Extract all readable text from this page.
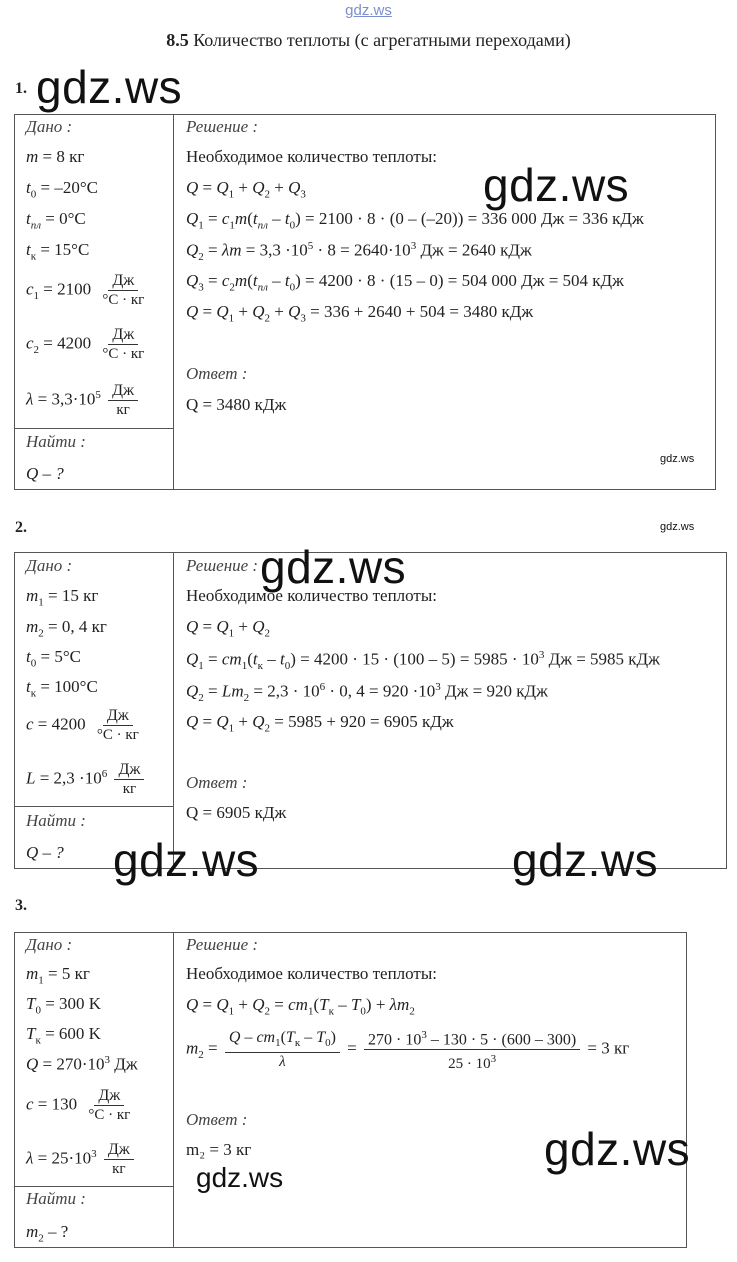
gdz.ws
8.5 Количество теплоты (с агрегатными переходами)
1. gdz.ws
Дано :
m = 8 кг
$t_0 = -20^\circ C$
$t_{пл} = 0^\circ C$
$t_к = 15^\circ C$
$c_1 = 2100 \frac{Дж}{^\circ C \cdot кг}$
$c_2 = 4200 \frac{Дж}{^\circ C \cdot кг}$
$\lambda = 3,3\cdot 10^5 \frac{Дж}{кг}$
Найти :
Q – ?
Решение :
Необходимое количество теплоты:
$Q = Q_1 + Q_2 + Q_3$
$Q_1 = c_1m(t_{пл} - t_0) = 2100 \cdot 8 \cdot (0 - (-20)) = 336$ 000 Дж = 336 кДж
$Q_2 = \lambda m = 3,3 \cdot 10^5 \cdot 8 = 2640\cdot 10^3$ Дж = 2640 кДж
$Q_3 = c_2m(t_{пл} - t_0) = 4200 \cdot 8 \cdot (15 - 0) = 504$ 000 Дж = 504 кДж
$Q = Q_1 + Q_2 + Q_3 = 336 + 2640 + 504 = 3480$ кДж
Ответ :
Q = 3480 кДж
gdz.ws
gdz.ws
2.	gdz.ws
Дано :
$m_1 = 15$ кг
$m_2 = 0$, 4 кг
$t_0 = 5^\circ C$
$t_к = 100^\circ C$
$c = 4200 \frac{Дж}{^\circ C \cdot кг}$
$L = 2,3 \cdot 10^6 \frac{Дж}{кг}$
Найти :
Q – ?
Решение :
Необходимое количество теплоты:
$Q = Q_1 + Q_2$
$Q_1 = cm_1(t_к - t_0) = 4200 \cdot 15 \cdot (100 - 5) = 5985 \cdot 10^3$ Дж = 5985 кДж
$Q_2 = Lm_2 = 2,3 \cdot 10^6 \cdot 0$, $4 = 920 \cdot 10^3$ Дж = 920 кДж
$Q = Q_1 + Q_2 = 5985 + 920 = 6905$ кДж
Ответ :
Q = 6905 кДж
gdz.ws
gdz.ws	gdz.ws
3.
Дано :
$m_1 = 5$ кг
$T_0 = 300$ K
$T_к = 600$ K
$Q = 270\cdot 10^3$ Дж
$c = 130 \frac{Дж}{^\circ C \cdot кг}$
$\lambda = 25\cdot 10^3 \frac{Дж}{кг}$
Найти :
$m_2$ – ?
Решение :
Необходимое количество теплоты:
$Q = Q_1 + Q_2 = cm_1(T_к - T_0) + \lambda m_2$
$m_2 = \frac{Q - cm_1(T_к - T_0)}{\lambda} = \frac{270 \cdot 10^3 - 130 \cdot 5 \cdot (600 - 300)}{25 \cdot 10^3} = 3$ кг
Ответ :
m₂ = 3 кг	gdz.ws
gdz.ws
